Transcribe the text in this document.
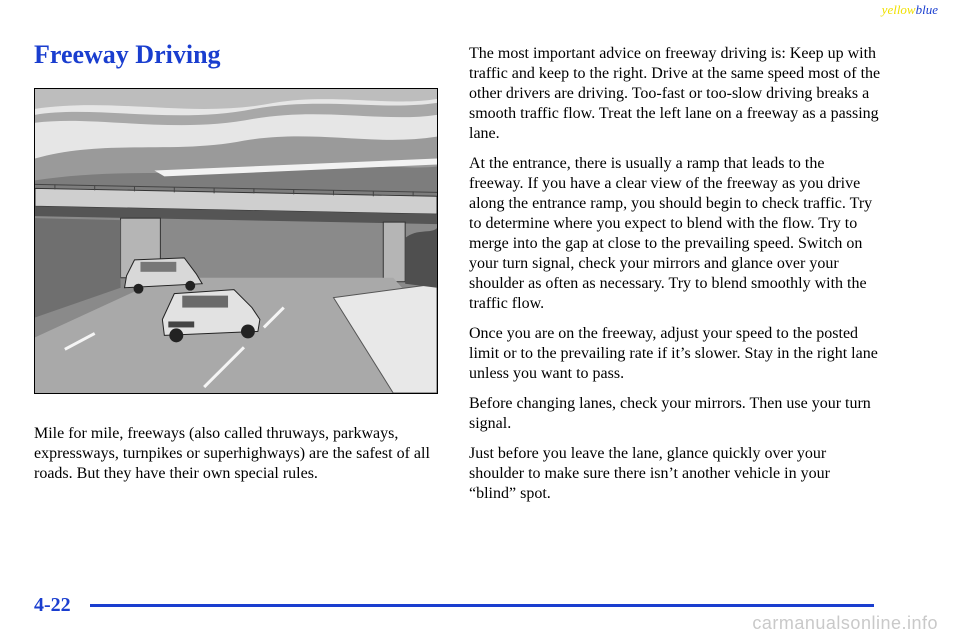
yellowblue
Freeway Driving

Mile for mile, freeways (also called thruways, parkways, expressways, turnpikes or superhighways) are the safest of all roads. But they have their own special rules.

The most important advice on freeway driving is: Keep up with traffic and keep to the right. Drive at the same speed most of the other drivers are driving. Too‑fast or too‑slow driving breaks a smooth traffic flow. Treat the left lane on a freeway as a passing lane.

At the entrance, there is usually a ramp that leads to the freeway. If you have a clear view of the freeway as you drive along the entrance ramp, you should begin to check traffic. Try to determine where you expect to blend with the flow. Try to merge into the gap at close to the prevailing speed. Switch on your turn signal, check your mirrors and glance over your shoulder as often as necessary. Try to blend smoothly with the traffic flow.

Once you are on the freeway, adjust your speed to the posted limit or to the prevailing rate if it’s slower. Stay in the right lane unless you want to pass.

Before changing lanes, check your mirrors. Then use your turn signal.

Just before you leave the lane, glance quickly over your shoulder to make sure there isn’t another vehicle in your “blind” spot.

4-22
carmanualsonline.info
